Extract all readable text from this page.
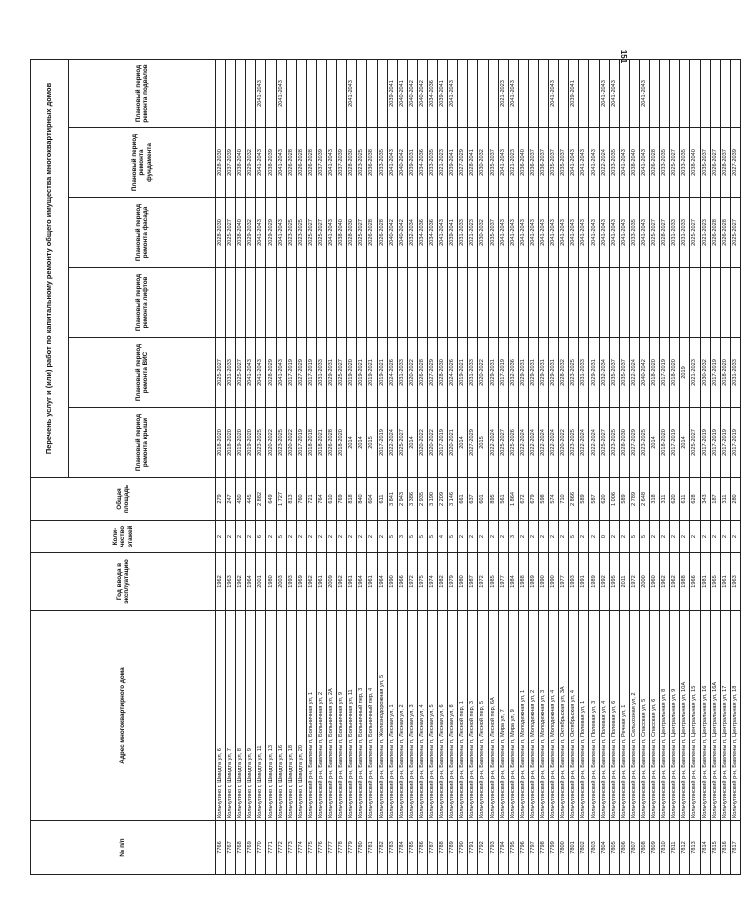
151
№ п/п	Адрес многоквартирного дома	Год ввода в эксплуатацию	Коли-чество этажей	Общая площадь	Перечень услуг и (или) работ по капитальному ремонту общего имущества многоквартирных домов					
					Плановый период ремонта крыши	Плановый период ремонта ВИС	Плановый период ремонта лифтов	Плановый период ремонта фасада	Плановый период ремонта фундамента	Плановый период ремонта подвалов
7766	Кольчугино г, Шмидта ул, 6	1962	2	279	2018-2020	2025-2027		2028-2030	2028-2030	
7767	Кольчугино г, Шмидта ул, 7	1963	2	247	2018-2020	2031-2033		2025-2027	2037-2039	
7768	Кольчугино г, Шмидта ул, 8	1962	2	450	2019-2020	2025-2027		2038-2040	2038-2040	
7769	Кольчугино г, Шмидта ул, 9	1964	2	445	2019-2020	2041-2043		2029-2032	2029-2032	
7770	Кольчугино г, Шмидта ул, 11	2001	6	2 882	2023-2025	2041-2043		2041-2043	2041-2043	2041-2043
7771	Кольчугино г, Шмидта ул, 13	1980	2	649	2020-2022	2028-2029		2029-2029	2038-2039	
7772	Кольчугино г, Шмидта ул, 16	2003	5	1 727	2023-2025	2041-2043		2041-2043	2041-2043	2041-2043
7773	Кольчугино г, Шмидта ул, 18	1993	2	813	2020-2022	2017-2019		2023-2025	2026-2028	
7774	Кольчугино г, Шмидта ул, 20	1969	2	760	2017-2019	2027-2029		2023-2025	2026-2028	
7775	Кольчугинский р-н, Бавлены п, Больничная ул, 1	1962	2	721	2018-2018	2017-2019		2025-2027	2026-2028	
7776	Кольчугинский р-н, Бавлены п, Больничная ул, 2	1961	2	764	2018-2021	2031-2033		2025-2027	2037-2039	
7777	Кольчугинский р-н, Бавлены п, Больничная ул, 2А	2009	2	610	2026-2028	2029-2031		2041-2043	2041-2043	
7778	Кольчугинский р-н, Бавлены п, Больничная ул, 9	1962	2	769	2018-2020	2025-2027		2038-2040	2037-2039	
7779	Кольчугинский р-н, Бавлены п, Больничная ул, 11	1961	2	818	2014	2019-2020		2028-2030	2028-2030	2041-2043
7780	Кольчугинский р-н, Бавлены п, Больничный пер, 3	1964	2	840	2014	2019-2021		2025-2027	2023-2025	
7781	Кольчугинский р-н, Бавлены п, Больничный пер, 4	1961	2	604	2015	2019-2021		2026-2028	2036-2038	
7782	Кольчугинский р-н, Бавлены п, Железнодорожная ул, 5	1964	2	611	2017-2019	2019-2021		2026-2028	2033-2035	
7783	Кольчугинский р-н, Бавлены п, Лесная ул, 1	1990	5	3 841	2022-2024	2024-2026		2040-2042	2041-2043	2039-2041
7784	Кольчугинский р-н, Бавлены п, Лесная ул, 2	1966	3	2 943	2025-2027	2031-2033		2040-2042	2040-2042	2040-2041
7785	Кольчугинский р-н, Бавлены п, Лесная ул, 3	1972	5	3 386	2014	2020-2022		2032-2034	2039-2031	2040-2042
7786	Кольчугинский р-н, Бавлены п, Лесная ул, 4	1975	5	2 935	2020-2022	2026-2028		2034-2036	2034-2036	2040-2042
7787	Кольчугинский р-н, Бавлены п, Лесная ул, 5	1974	5	3 190	2020-2022	2027-2029		2034-2036	2033-2035	2034-2036
7788	Кольчугинский р-н, Бавлены п, Лесная ул, 6	1982	4	2 209	2017-2019	2028-2030		2041-2043	2021-2023	2039-2041
7789	Кольчугинский р-н, Бавлены п, Лесная ул, 8	1979	5	3 146	2020-2021	2024-2026		2039-2041	2039-2041	2041-2043
7790	Кольчугинский р-н, Бавлены п, Лесной пер, 1	1980	2	661	2014	2019-2021		2031-2033	2027-2029	
7791	Кольчугинский р-н, Бавлены п, Лесной пер, 3	1987	2	637	2027-2029	2031-2033		2021-2023	2028-2041	
7792	Кольчугинский р-н, Бавлены п, Лесной пер, 5	1972	2	601	2015	2020-2022		2030-2032	2030-2032	
7793	Кольчугинский р-н, Бавлены п, Лесной пер, 6А	1985	2	895	2022-2024	2029-2031		2035-2037	2035-2037	
7794	Кольчугинский р-н, Бавлены п, Мира ул, 7	1977	2	561	2025-2027	2017-2019		2041-2043	2041-2043	2021-2023
7795	Кольчугинский р-н, Бавлены п, Мира ул, 9	1984	3	1 864	2025-2026	2032-2036		2041-2043	2021-2023	2041-2043
7796	Кольчугинский р-н, Бавлены п, Молодежная ул, 1	1988	2	672	2022-2024	2029-2031		2041-2043	2036-2040	
7797	Кольчугинский р-н, Бавлены п, Молодежная ул, 2	1989	2	679	2022-2024	2029-2031		2041-2043	2036-2037	
7798	Кольчугинский р-н, Бавлены п, Молодежная ул, 3	1990	2	598	2022-2024	2029-2031		2041-2043	2036-2037	
7799	Кольчугинский р-н, Бавлены п, Молодежная ул, 4	1990	2	574	2022-2024	2029-2031		2041-2043	2035-2037	2041-2043
7800	Кольчугинский р-н, Бавлены п, Октябрьская ул, 3А	1977	2	710	2020-2022	2028-2032		2041-2043	2035-2037	
7801	Кольчугинский р-н, Бавлены п, Октябрьская ул, 4	1993	5	2 866	2023-2025	2023-2025		2041-2043	2041-2043	2039-2041
7802	Кольчугинский р-н, Бавлены п, Полевая ул, 1	1991	2	589	2022-2024	2031-2033		2041-2043	2041-2043	
7803	Кольчугинский р-н, Бавлены п, Полевая ул, 3	1989	2	587	2022-2024	2029-2031		2041-2043	2041-2043	
7804	Кольчугинский р-н, Бавлены п, Полевая ул, 4	1992	0	620	2025-2027	2032-2034		2041-2043	2022-2024	2041-2043
7805	Кольчугинский р-н, Бавлены п, Полевая ул, 6	1995	2	1 006	2023-2025	2035-2037		2041-2043	2033-2035	2041-2043
7806	Кольчугинский р-н, Бавлены п, Речная ул, 1	2011	2	589	2028-2030	2035-2037		2041-2043	2041-2043	
7807	Кольчугинский р-н, Бавлены п, Сельхозная ул, 2	1972	5	2 789	2027-2029	2022-2024		2033-2035	2038-2040	
7808	Кольчугинский р-н, Бавлены п, Спасская ул, 5	2000	5	2 648	2023-2025	2040-2042		2041-2043	2041-2043	2041-2043
7809	Кольчугинский р-н, Бавлены п, Спасская ул, 6	1960	2	318	2014	2018-2020		2025-2027	2026-2028	
7810	Кольчугинский р-н, Бавлены п, Центральная ул, 8	1962	2	311	2018-2020	2017-2019		2028-2027	2033-2035	
7811	Кольчугинский р-н, Бавлены п, Центральная ул, 9	1962	2	620	2017-2019	2018-2020		2031-2033	2025-2027	
7812	Кольчугинский р-н, Бавлены п, Центральная ул, 10А	1988	2	611	2014	2019		2031-2033	2033-2035	
7813	Кольчугинский р-н, Бавлены п, Центральная ул, 15	1966	2	628	2025-2027	2021-2023		2025-2027	2038-2040	
7814	Кольчугинский р-н, Бавлены п, Центральная ул, 16	1981	2	343	2017-2019	2030-2032		2021-2023	2035-2037	
7815	Кольчугинский р-н, Бавлены п, Центральная ул, 16А	1965	2	187	2017-2019	2017-2019		2026-2028	2026-2027	
7816	Кольчугинский р-н, Бавлены п, Центральная ул, 17	1961	2	311	2017-2019	2018-2020		2026-2028	2028-2037	
7817	Кольчугинский р-н, Бавлены п, Центральная ул, 18	1963	2	280	2017-2019	2031-2033		2025-2027	2027-2039	
